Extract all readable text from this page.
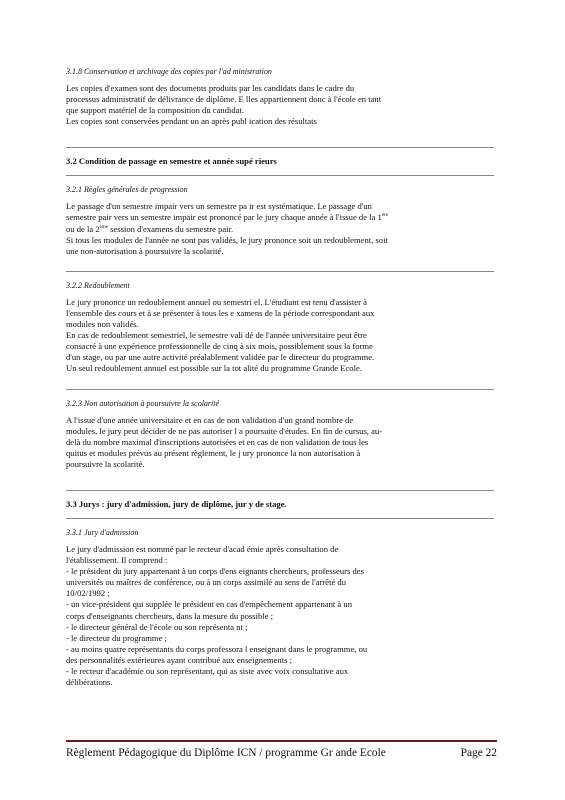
3.1.8 Conservation et archivage des copies par l'ad ministration
Les copies d'examen sont des documents produits par les candidats dans le cadre du
processus administratif de délivrance de diplôme. E lles appartiennent donc à l'école en tant
que support matériel de la composition du candidat.
Les copies sont conservées pendant un an après publ ication des résultats
3.2 Condition de passage en semestre et année supé rieurs
3.2.1 Règles générales de progression
Le passage d'un semestre impair vers un semestre pa ir est systématique. Le passage d'un
semestre pair vers un semestre impair est prononcé par le jury chaque année à l'issue de la 1ère
ou de la 2ème session d'examens du semestre pair.
Si tous les modules de l'année ne sont pas validés, le jury prononce soit un redoublement, soit
une non-autorisation à poursuivre la scolarité.
3.2.2 Redoublement
Le jury prononce un redoublement annuel ou semestri el. L'étudiant est tenu d'assister à
l'ensemble des cours et à se présenter à tous les e xamens de la période correspondant aux
modules non validés.
En cas de redoublement semestriel, le semestre vali dé de l'année universitaire peut être
consacré à une expérience professionnelle de cinq à six mois, possiblement sous la forme
d'un stage, ou par une autre activité préalablement validée par le directeur du programme.
Un seul redoublement annuel est possible sur la tot alité du programme Grande Ecole.
3.2.3 Non autorisation à poursuivre la scolarité
A l'issue d'une année universitaire et en cas de non validation d'un grand nombre de
modules, le jury peut décider de ne pas autoriser l a poursuite d'études. En fin de cursus, au-
delà du nombre maximal d'inscriptions autorisées et en cas de non validation de tous les
quitus et modules prévus au présent règlement, le j ury prononce la non autorisation à
poursuivre la scolarité.
3.3 Jurys : jury d'admission, jury de diplôme, jur y de stage.
3.3.1 Jury d'admission
Le jury d'admission est nommé par le recteur d'acad émie après consultation de
l'établissement. Il comprend :
- le président du jury appartenant à un corps d'ens eignants chercheurs, professeurs des
universités ou maîtres de conférence, ou à un corps assimilé au sens de l'arrêté du
10/02/1992 ;
- un vice-président qui supplée le président en cas d'empêchement appartenant à un
corps d'enseignants chercheurs, dans la mesure du possible ;
- le directeur général de l'école ou son représenta nt ;
- le directeur du programme ;
- au moins quatre représentants du corps professora l enseignant dans le programme, ou
des personnalités extérieures ayant contribué aux enseignements ;
- le recteur d'académie ou son représentant, qui as siste avec voix consultative aux
délibérations.
Règlement Pédagogique du Diplôme ICN / programme Gr ande Ecole	Page 22
